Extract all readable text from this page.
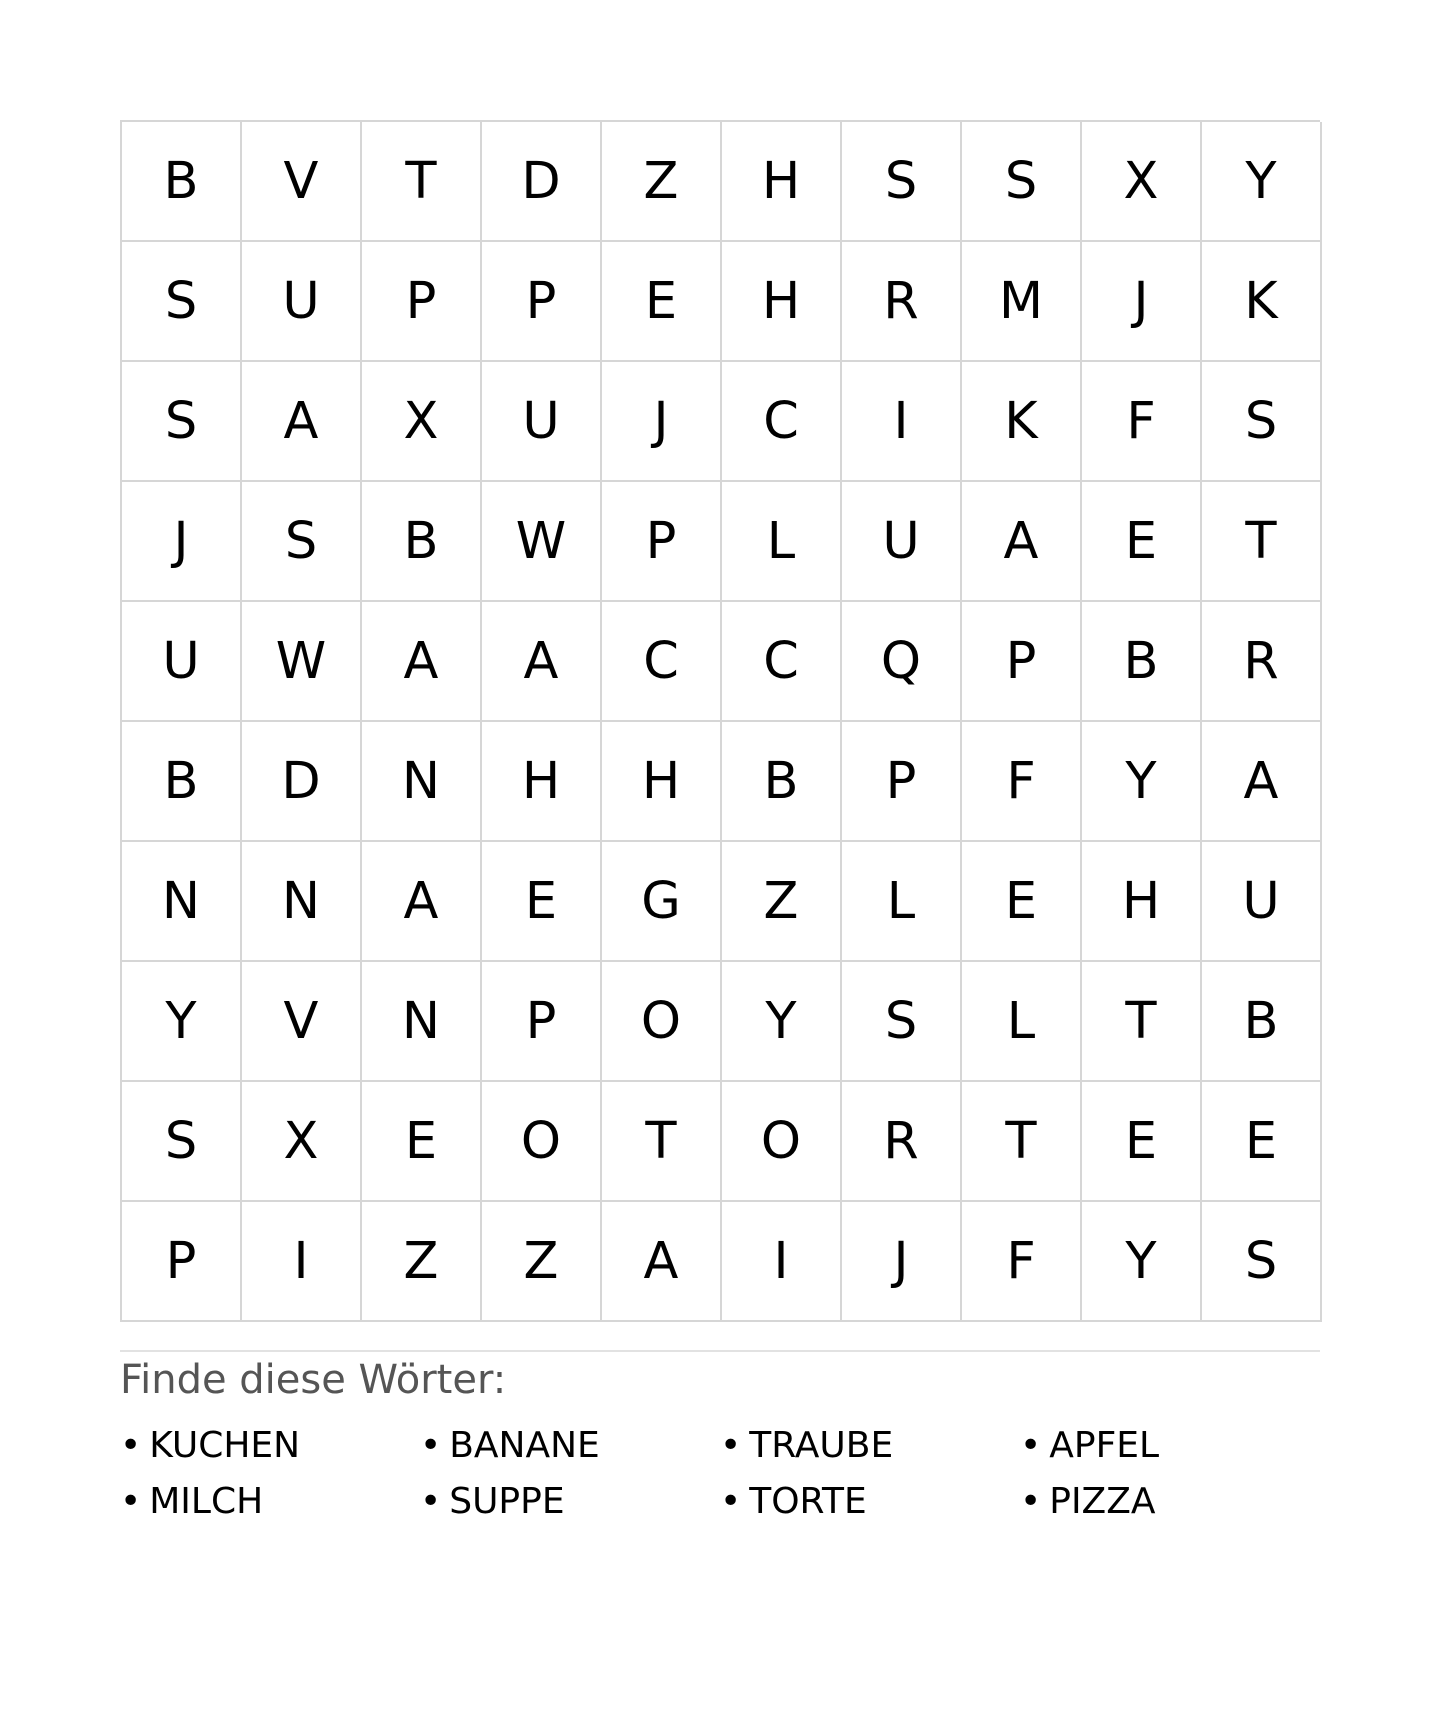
B	V	T	D	Z	H	S	S	X	Y
S	U	P	P	E	H	R	M	J	K
S	A	X	U	J	C	I	K	F	S
J	S	B	W	P	L	U	A	E	T
U	W	A	A	C	C	Q	P	B	R
B	D	N	H	H	B	P	F	Y	A
N	N	A	E	G	Z	L	E	H	U
Y	V	N	P	O	Y	S	L	T	B
S	X	E	O	T	O	R	T	E	E
P	I	Z	Z	A	I	J	F	Y	S
Finde diese Wörter:
• KUCHEN	• BANANE	• TRAUBE	• APFEL
• MILCH	• SUPPE	• TORTE	• PIZZA
